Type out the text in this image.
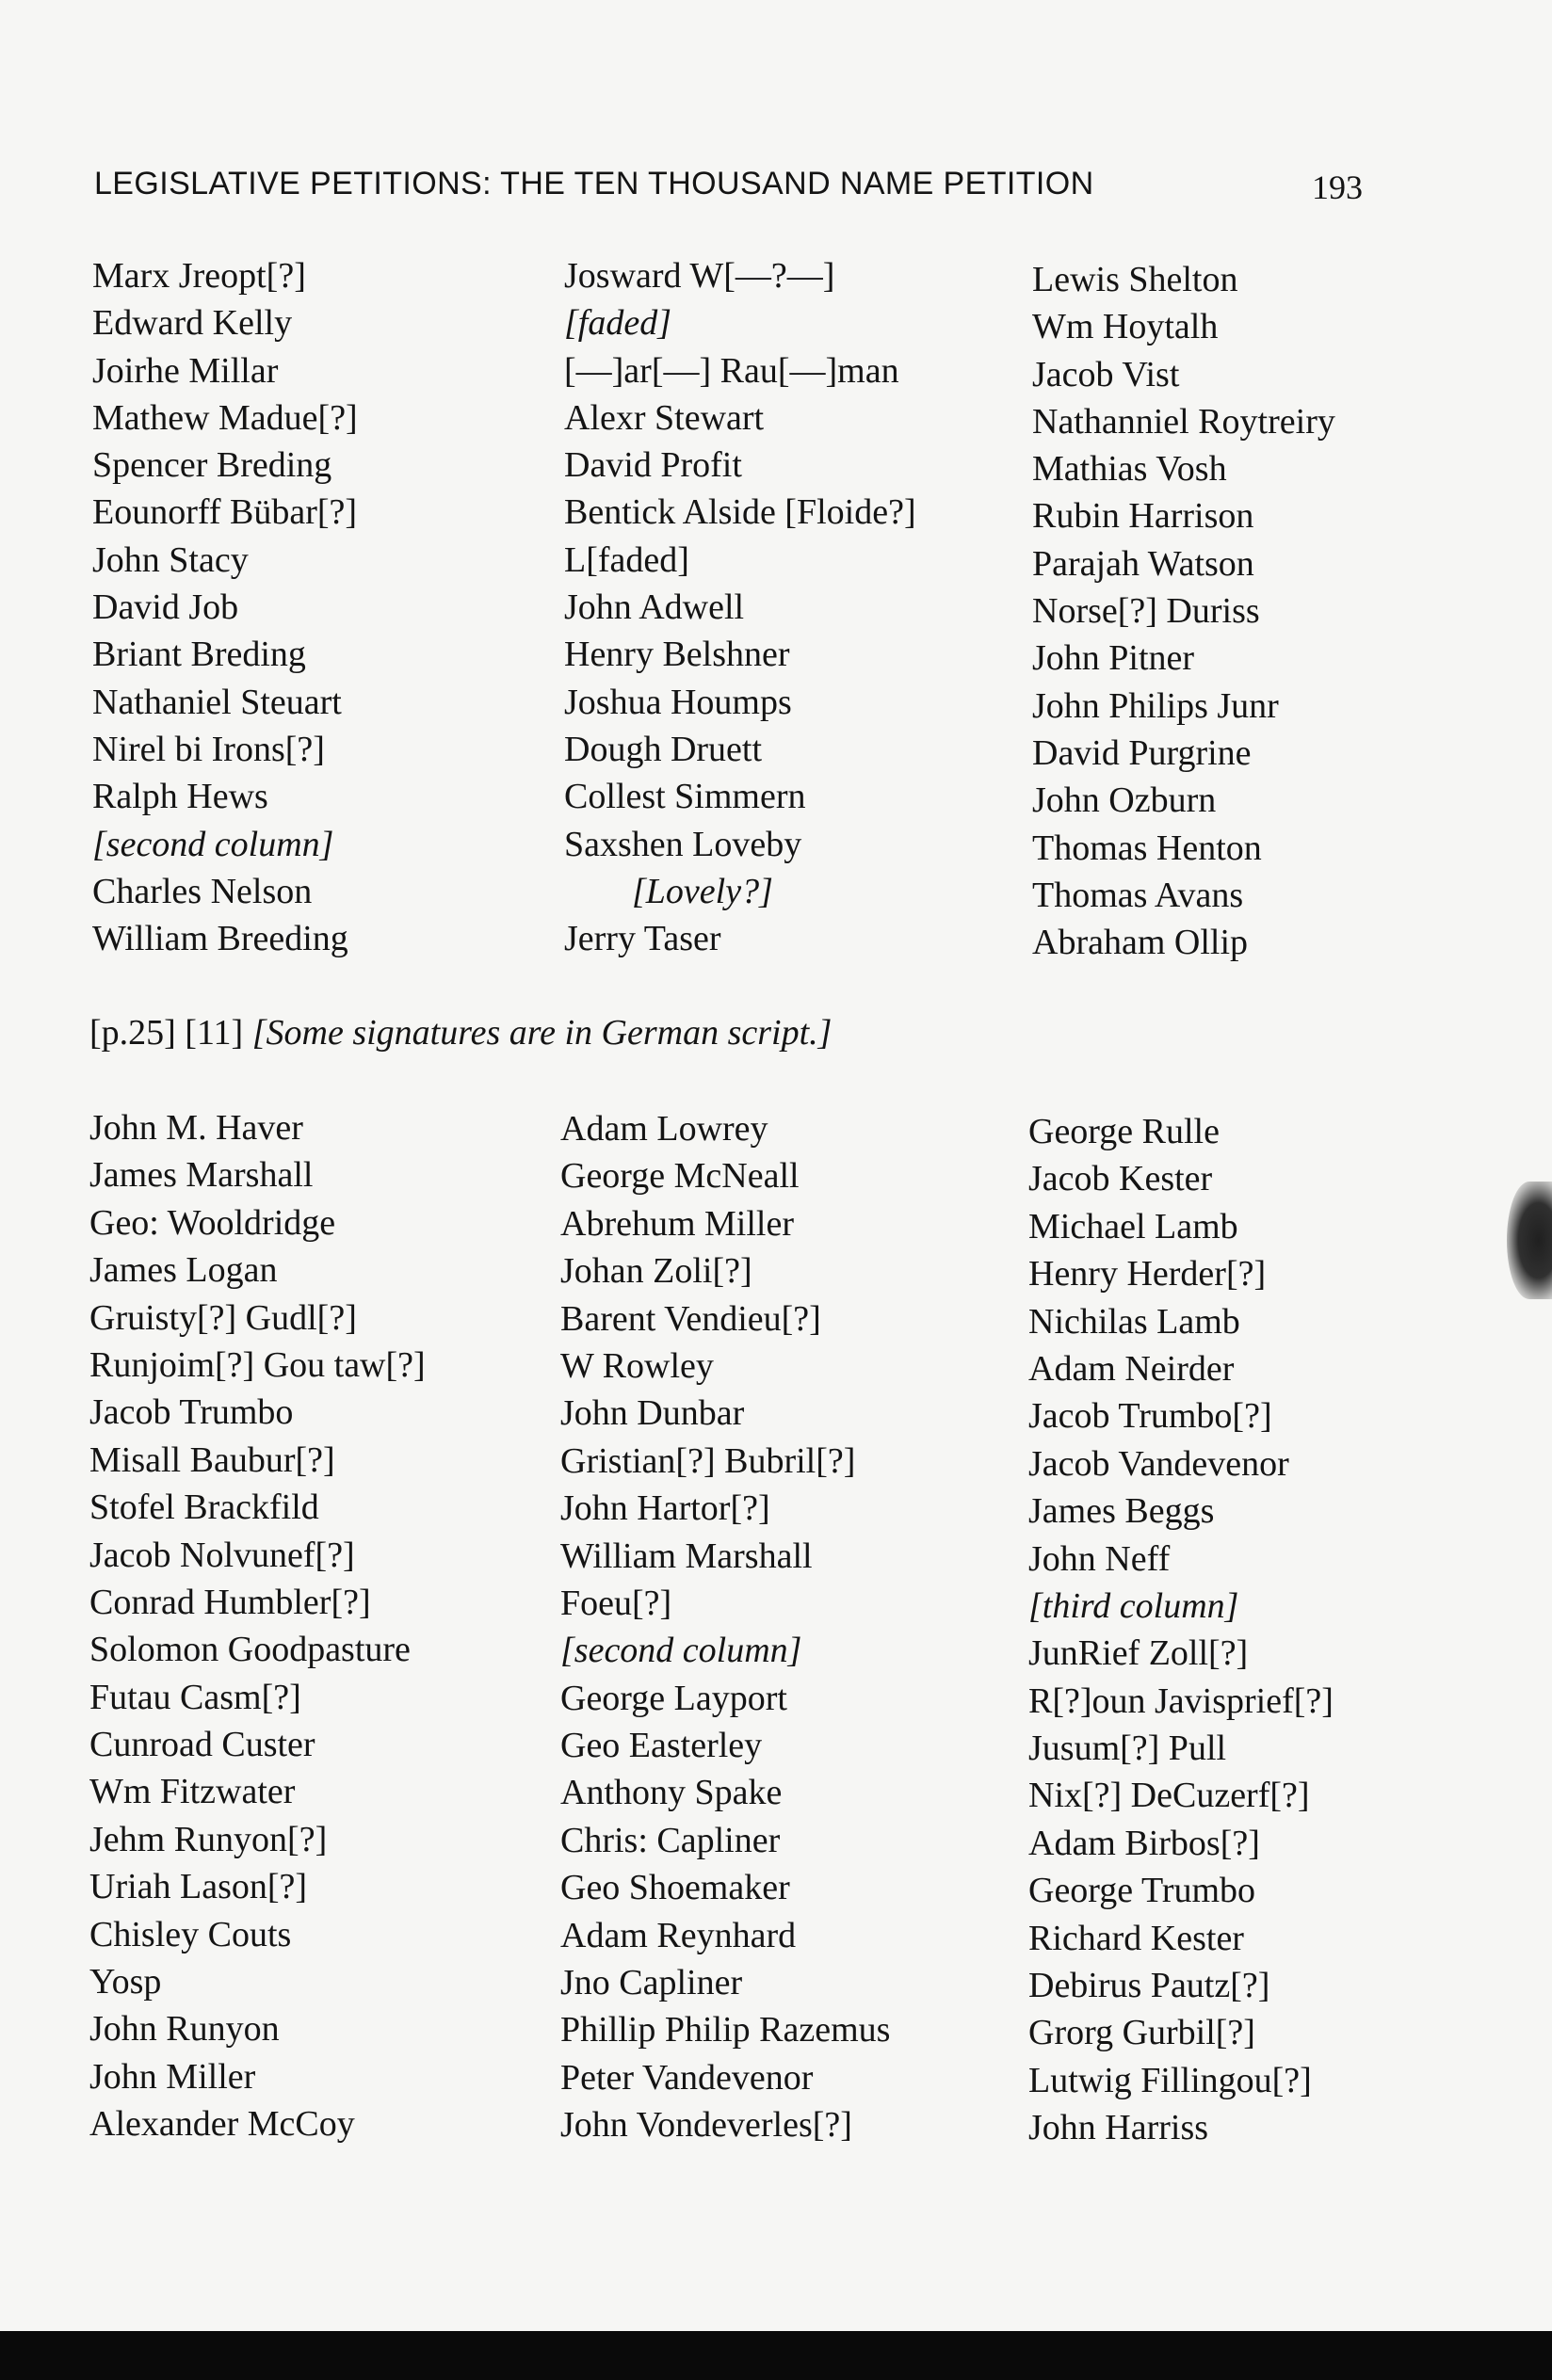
LEGISLATIVE PETITIONS: THE TEN THOUSAND NAME PETITION	193
Marx Jreopt[?]
Edward Kelly
Joirhe Millar
Mathew Madue[?]
Spencer Breding
Eounorff Bübar[?]
John Stacy
David Job
Briant Breding
Nathaniel Steuart
Nirel bi Irons[?]
Ralph Hews
[second column]
Charles Nelson
William Breeding
Josward W[—?—]
[faded]
[—]ar[—] Rau[—]man
Alexr Stewart
David Profit
Bentick Alside [Floide?]
L[faded]
John Adwell
Henry Belshner
Joshua Houmps
Dough Druett
Collest Simmern
Saxshen Loveby
[Lovely?]
Jerry Taser
Lewis Shelton
Wm Hoytalh
Jacob Vist
Nathanniel Roytreiry
Mathias Vosh
Rubin Harrison
Parajah Watson
Norse[?] Duriss
John Pitner
John Philips Junr
David Purgrine
John Ozburn
Thomas Henton
Thomas Avans
Abraham Ollip
[p.25] [11] [Some signatures are in German script.]
John M. Haver
James Marshall
Geo: Wooldridge
James Logan
Gruisty[?] Gudl[?]
Runjoim[?] Gou taw[?]
Jacob Trumbo
Misall Baubur[?]
Stofel Brackfild
Jacob Nolvunef[?]
Conrad Humbler[?]
Solomon Goodpasture
Futau Casm[?]
Cunroad Custer
Wm Fitzwater
Jehm Runyon[?]
Uriah Lason[?]
Chisley Couts
Yosp
John Runyon
John Miller
Alexander McCoy
Adam Lowrey
George McNeall
Abrehum Miller
Johan Zoli[?]
Barent Vendieu[?]
W Rowley
John Dunbar
Gristian[?] Bubril[?]
John Hartor[?]
William Marshall
Foeu[?]
[second column]
George Layport
Geo Easterley
Anthony Spake
Chris: Capliner
Geo Shoemaker
Adam Reynhard
Jno Capliner
Phillip Philip Razemus
Peter Vandevenor
John Vondeverles[?]
George Rulle
Jacob Kester
Michael Lamb
Henry Herder[?]
Nichilas Lamb
Adam Neirder
Jacob Trumbo[?]
Jacob Vandevenor
James Beggs
John Neff
[third column]
JunRief Zoll[?]
R[?]oun Javisprief[?]
Jusum[?] Pull
Nix[?] DeCuzerf[?]
Adam Birbos[?]
George Trumbo
Richard Kester
Debirus Pautz[?]
Grorg Gurbil[?]
Lutwig Fillingou[?]
John Harriss
